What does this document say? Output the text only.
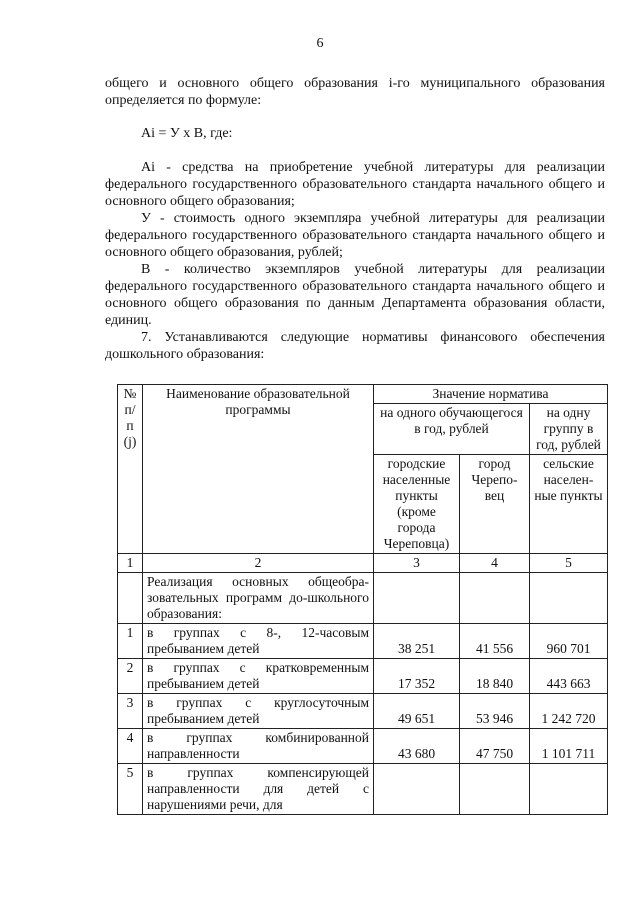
6

общего и основного общего образования i-го муниципального образования определяется по формуле:

Ai = У х В, где:

Ai - средства на приобретение учебной литературы для реализации федерального государственного образовательного стандарта начального общего и основного общего образования;

У - стоимость одного экземпляра учебной литературы для реализации федерального государственного образовательного стандарта начального общего и основного общего образования, рублей;

В - количество экземпляров учебной литературы для реализации федерального государственного образовательного стандарта начального общего и основного общего образования по данным Департамента образования области, единиц.

7. Устанавливаются следующие нормативы финансового обеспечения дошкольного образования:

№ п/п (j)	Наименование образовательной программы	Значение норматива		
		на одного обучающегося в год, рублей		на одну группу в год, рублей
		городские населенные пункты (кроме города Череповца)	город Черепо-вец	сельские населен-ные пункты
1	2	3	4	5
	Реализация основных общеобра-зовательных программ до-школьного образования:			
1	в группах с 8-, 12-часовым пребыванием детей	38 251	41 556	960 701
2	в группах с кратковременным пребыванием детей	17 352	18 840	443 663
3	в группах с круглосуточным пребыванием детей	49 651	53 946	1 242 720
4	в группах комбинированной направленности	43 680	47 750	1 101 711
5	в группах компенсирующей направленности для детей с нарушениями речи, для			
